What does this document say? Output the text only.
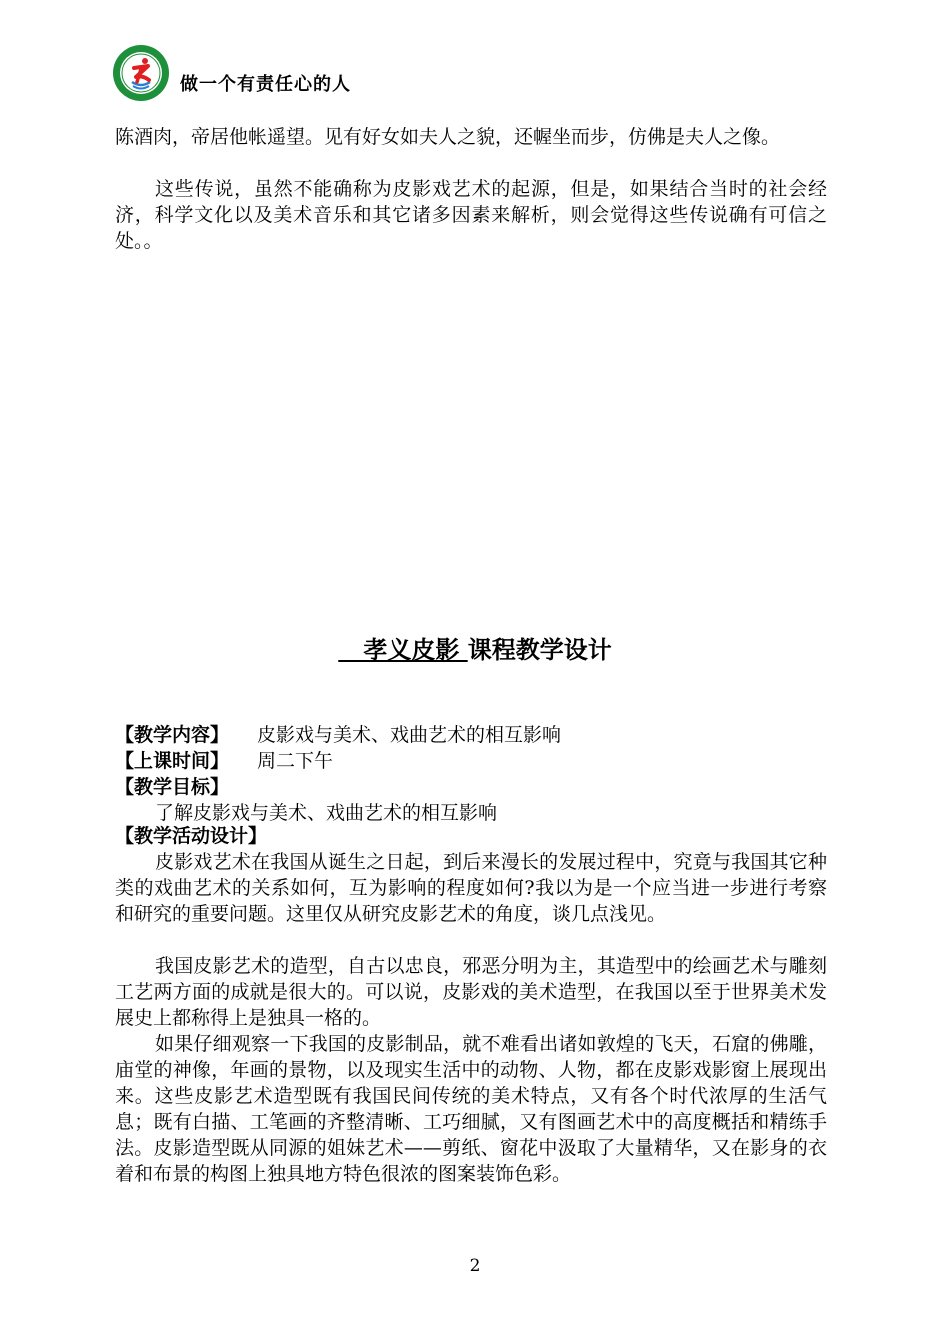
做一个有责任心的人

陈酒肉，帝居他帐遥望。见有好女如夫人之貌，还幄坐而步，仿佛是夫人之像。

这些传说，虽然不能确称为皮影戏艺术的起源，但是，如果结合当时的社会经济，科学文化以及美术音乐和其它诸多因素来解析，则会觉得这些传说确有可信之处。。

孝义皮影 课程教学设计
【教学内容】 皮影戏与美术、戏曲艺术的相互影响
【上课时间】 周二下午
【教学目标】
了解皮影戏与美术、戏曲艺术的相互影响
【教学活动设计】

皮影戏艺术在我国从诞生之日起，到后来漫长的发展过程中，究竟与我国其它种类的戏曲艺术的关系如何，互为影响的程度如何?我以为是一个应当进一步进行考察和研究的重要问题。这里仅从研究皮影艺术的角度，谈几点浅见。

我国皮影艺术的造型，自古以忠良，邪恶分明为主，其造型中的绘画艺术与雕刻工艺两方面的成就是很大的。可以说，皮影戏的美术造型，在我国以至于世界美术发展史上都称得上是独具一格的。

如果仔细观察一下我国的皮影制品，就不难看出诸如敦煌的飞天，石窟的佛雕，庙堂的神像，年画的景物，以及现实生活中的动物、人物，都在皮影戏影窗上展现出来。这些皮影艺术造型既有我国民间传统的美术特点，又有各个时代浓厚的生活气息；既有白描、工笔画的齐整清晰、工巧细腻，又有图画艺术中的高度概括和精练手法。皮影造型既从同源的姐妹艺术——剪纸、窗花中汲取了大量精华，又在影身的衣着和布景的构图上独具地方特色很浓的图案装饰色彩。

2
